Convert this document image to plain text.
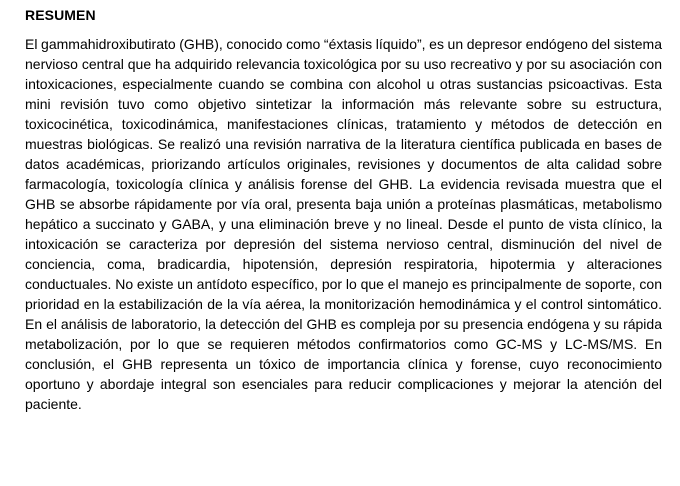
RESUMEN

El gammahidroxibutirato (GHB), conocido como “éxtasis líquido”, es un depresor endógeno del sistema nervioso central que ha adquirido relevancia toxicológica por su uso recreativo y por su asociación con intoxicaciones, especialmente cuando se combina con alcohol u otras sustancias psicoactivas. Esta mini revisión tuvo como objetivo sintetizar la información más relevante sobre su estructura, toxicocinética, toxicodinámica, manifestaciones clínicas, tratamiento y métodos de detección en muestras biológicas. Se realizó una revisión narrativa de la literatura científica publicada en bases de datos académicas, priorizando artículos originales, revisiones y documentos de alta calidad sobre farmacología, toxicología clínica y análisis forense del GHB. La evidencia revisada muestra que el GHB se absorbe rápidamente por vía oral, presenta baja unión a proteínas plasmáticas, metabolismo hepático a succinato y GABA, y una eliminación breve y no lineal. Desde el punto de vista clínico, la intoxicación se caracteriza por depresión del sistema nervioso central, disminución del nivel de conciencia, coma, bradicardia, hipotensión, depresión respiratoria, hipotermia y alteraciones conductuales. No existe un antídoto específico, por lo que el manejo es principalmente de soporte, con prioridad en la estabilización de la vía aérea, la monitorización hemodinámica y el control sintomático. En el análisis de laboratorio, la detección del GHB es compleja por su presencia endógena y su rápida metabolización, por lo que se requieren métodos confirmatorios como GC-MS y LC-MS/MS. En conclusión, el GHB representa un tóxico de importancia clínica y forense, cuyo reconocimiento oportuno y abordaje integral son esenciales para reducir complicaciones y mejorar la atención del paciente.
